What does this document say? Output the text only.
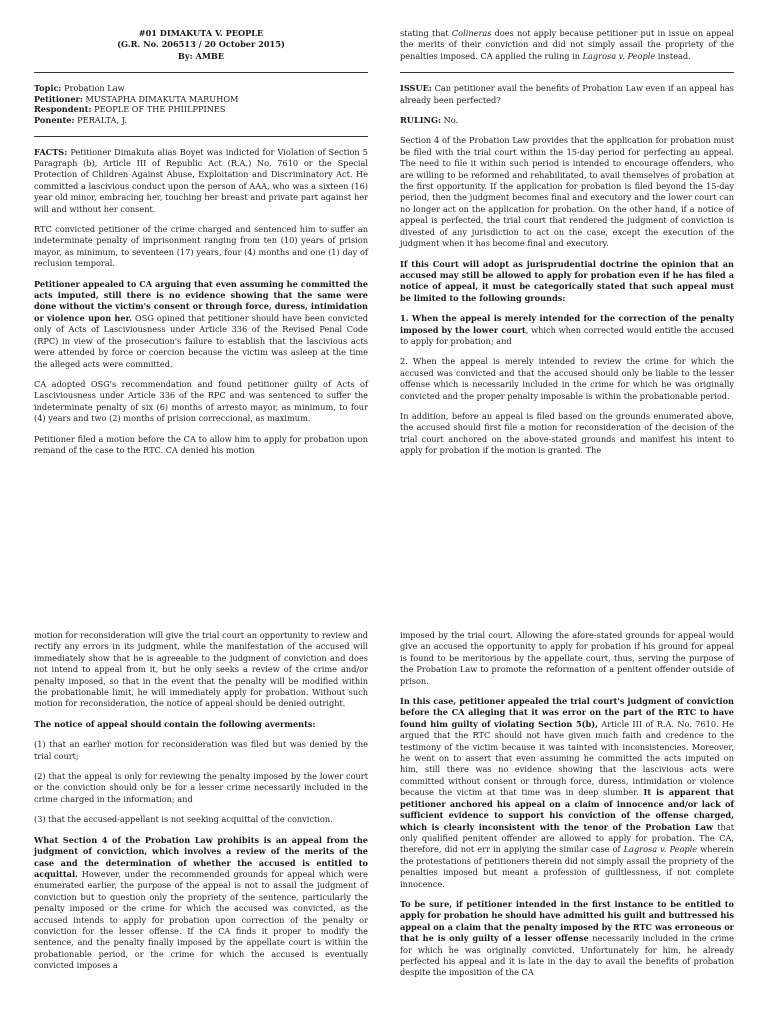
#01 DIMAKUTA V. PEOPLE
(G.R. No. 206513 / 20 October 2015)
By: AMBE
Topic: Probation Law
Petitioner: MUSTAPHA DIMAKUTA MARUHOM
Respondent: PEOPLE OF THE PHIILPPINES
Ponente: PERALTA, J.

FACTS: Petitioner Dimakuta alias Boyet was indicted for Violation of Section 5 Paragraph (b), Article III of Republic Act (R.A.) No. 7610 or the Special Protection of Children Against Abuse, Exploitation and Discriminatory Act. He committed a lascivious conduct upon the person of AAA, who was a sixteen (16) year old minor, embracing her, touching her breast and private part against her will and without her consent.

RTC convicted petitioner of the crime charged and sentenced him to suffer an indeterminate penalty of imprisonment ranging from ten (10) years of prision mayor, as minimum, to seventeen (17) years, four (4) months and one (1) day of reclusion temporal.

Petitioner appealed to CA arguing that even assuming he committed the acts imputed, still there is no evidence showing that the same were done without the victim's consent or through force, duress, intimidation or violence upon her. OSG opined that petitioner should have been convicted only of Acts of Lasciviousness under Article 336 of the Revised Penal Code (RPC) in view of the prosecution's failure to establish that the lascivious acts were attended by force or coercion because the victim was asleep at the time the alleged acts were committed.

CA adopted OSG's recommendation and found petitioner guilty of Acts of Lasciviousness under Article 336 of the RPC and was sentenced to suffer the indeterminate penalty of six (6) months of arresto mayor, as minimum, to four (4) years and two (2) months of prision correccional, as maximum.

Petitioner filed a motion before the CA to allow him to apply for probation upon remand of the case to the RTC. CA denied his motion

stating that Colineras does not apply because petitioner put in issue on appeal the merits of their conviction and did not simply assail the propriety of the penalties imposed. CA applied the ruling in Lagrosa v. People instead.

ISSUE: Can petitioner avail the benefits of Probation Law even if an appeal has already been perfected?

RULING: No.

Section 4 of the Probation Law provides that the application for probation must be filed with the trial court within the 15-day period for perfecting an appeal. The need to file it within such period is intended to encourage offenders, who are willing to be reformed and rehabilitated, to avail themselves of probation at the first opportunity. If the application for probation is filed beyond the 15-day period, then the judgment becomes final and executory and the lower court can no longer act on the application for probation. On the other hand, if a notice of appeal is perfected, the trial court that rendered the judgment of conviction is divested of any jurisdiction to act on the case, except the execution of the judgment when it has become final and executory.

If this Court will adopt as jurisprudential doctrine the opinion that an accused may still be allowed to apply for probation even if he has filed a notice of appeal, it must be categorically stated that such appeal must be limited to the following grounds:

1. When the appeal is merely intended for the correction of the penalty imposed by the lower court, which when corrected would entitle the accused to apply for probation; and

2. When the appeal is merely intended to review the crime for which the accused was convicted and that the accused should only be liable to the lesser offense which is necessarily included in the crime for which he was originally convicted and the proper penalty imposable is within the probationable period.

In addition, before an appeal is filed based on the grounds enumerated above, the accused should first file a motion for reconsideration of the decision of the trial court anchored on the above-stated grounds and manifest his intent to apply for probation if the motion is granted. The

motion for reconsideration will give the trial court an opportunity to review and rectify any errors in its judgment, while the manifestation of the accused will immediately show that he is agreeable to the judgment of conviction and does not intend to appeal from it, but he only seeks a review of the crime and/or penalty imposed, so that in the event that the penalty will be modified within the probationable limit, he will immediately apply for probation. Without such motion for reconsideration, the notice of appeal should be denied outright.

The notice of appeal should contain the following averments:

(1) that an earlier motion for reconsideration was filed but was denied by the trial court;

(2) that the appeal is only for reviewing the penalty imposed by the lower court or the conviction should only be for a lesser crime necessarily included in the crime charged in the information; and

(3) that the accused-appellant is not seeking acquittal of the conviction.

What Section 4 of the Probation Law prohibits is an appeal from the judgment of conviction, which involves a review of the merits of the case and the determination of whether the accused is entitled to acquittal. However, under the recommended grounds for appeal which were enumerated earlier, the purpose of the appeal is not to assail the judgment of conviction but to question only the propriety of the sentence, particularly the penalty imposed or the crime for which the accused was convicted, as the accused intends to apply for probation upon correction of the penalty or conviction for the lesser offense. If the CA finds it proper to modify the sentence, and the penalty finally imposed by the appellate court is within the probationable period, or the crime for which the accused is eventually convicted imposes a

imposed by the trial court. Allowing the afore-stated grounds for appeal would give an accused the opportunity to apply for probation if his ground for appeal is found to be meritorious by the appellate court, thus, serving the purpose of the Probation Law to promote the reformation of a penitent offender outside of prison.

In this case, petitioner appealed the trial court's judgment of conviction before the CA alleging that it was error on the part of the RTC to have found him guilty of violating Section 5(b), Article III of R.A. No. 7610. He argued that the RTC should not have given much faith and credence to the testimony of the victim because it was tainted with inconsistencies. Moreover, he went on to assert that even assuming he committed the acts imputed on him, still there was no evidence showing that the lascivious acts were committed without consent or through force, duress, intimidation or violence because the victim at that time was in deep slumber. It is apparent that petitioner anchored his appeal on a claim of innocence and/or lack of sufficient evidence to support his conviction of the offense charged, which is clearly inconsistent with the tenor of the Probation Law that only qualified penitent offender are allowed to apply for probation. The CA, therefore, did not err in applying the similar case of Lagrosa v. People wherein the protestations of petitioners therein did not simply assail the propriety of the penalties imposed but meant a profession of guiltlessness, if not complete innocence.

To be sure, if petitioner intended in the first instance to be entitled to apply for probation he should have admitted his guilt and buttressed his appeal on a claim that the penalty imposed by the RTC was erroneous or that he is only guilty of a lesser offense necessarily included in the crime for which he was originally convicted. Unfortunately for him, he already perfected his appeal and it is late in the day to avail the benefits of probation despite the imposition of the CA
